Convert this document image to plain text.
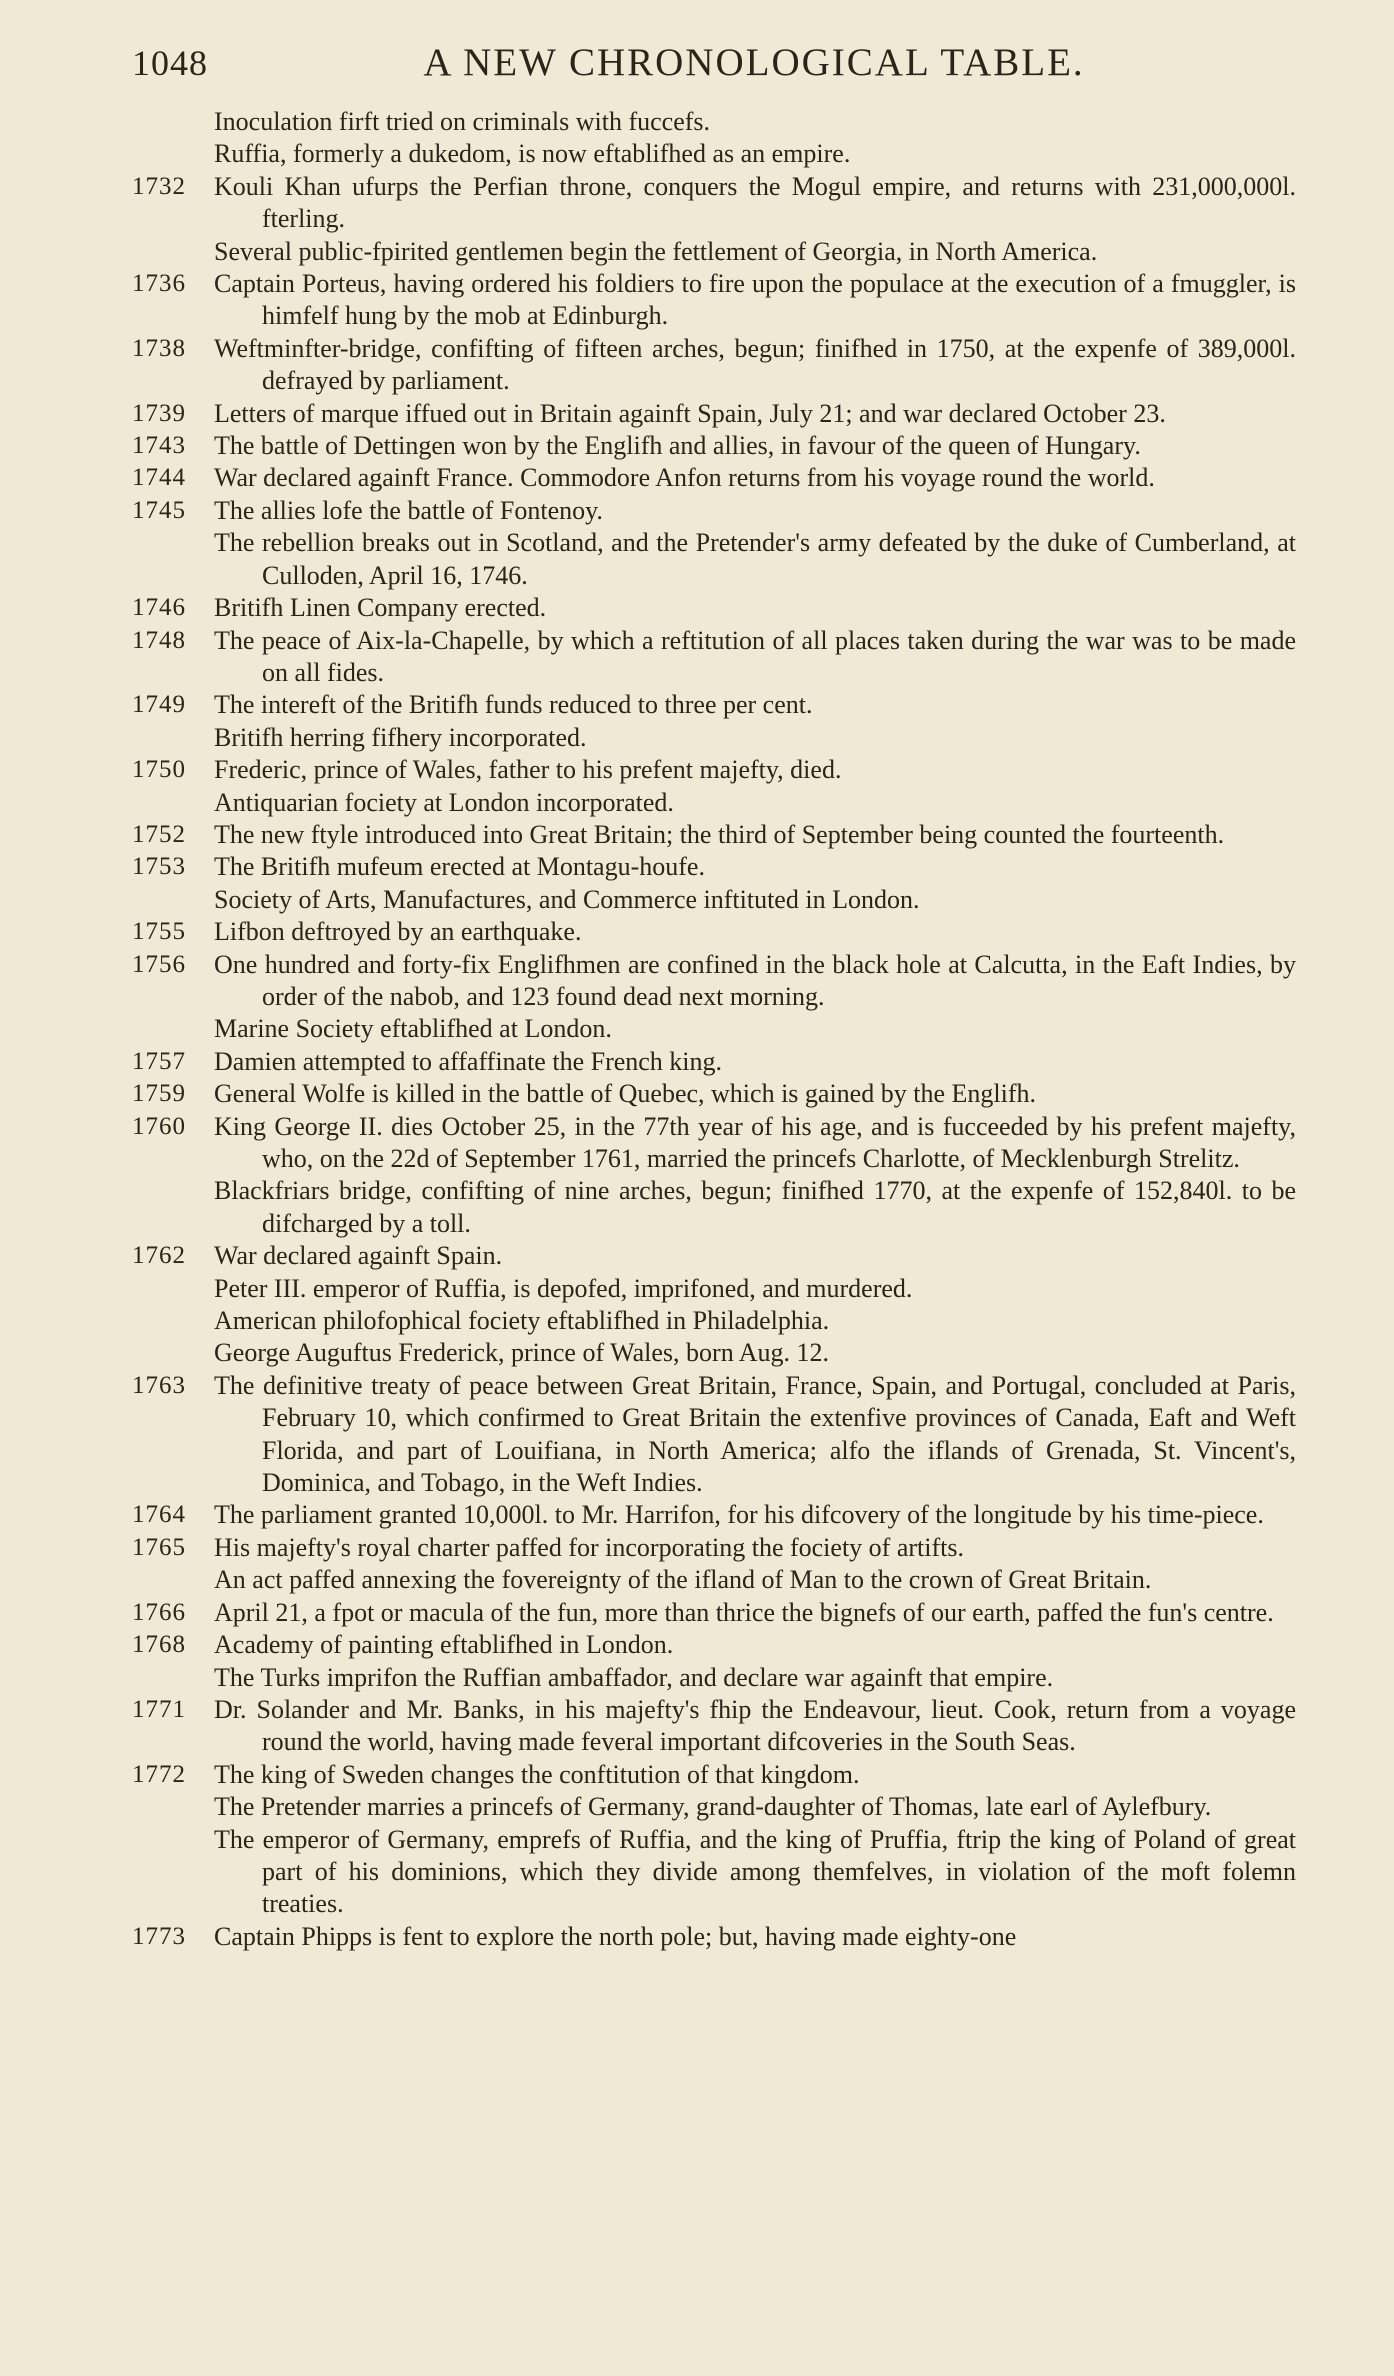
1048	A NEW CHRONOLOGICAL TABLE.
Inoculation firft tried on criminals with fuccefs.
Ruffia, formerly a dukedom, is now eftablifhed as an empire.
1732	Kouli Khan ufurps the Perfian throne, conquers the Mogul empire, and returns with 231,000,000l. fterling.
Several public-fpirited gentlemen begin the fettlement of Georgia, in North America.
1736	Captain Porteus, having ordered his foldiers to fire upon the populace at the execution of a fmuggler, is himfelf hung by the mob at Edinburgh.
1738	Weftminfter-bridge, confifting of fifteen arches, begun; finifhed in 1750, at the expenfe of 389,000l. defrayed by parliament.
1739	Letters of marque iffued out in Britain againft Spain, July 21; and war declared October 23.
1743	The battle of Dettingen won by the Englifh and allies, in favour of the queen of Hungary.
1744	War declared againft France. Commodore Anfon returns from his voyage round the world.
1745	The allies lofe the battle of Fontenoy.
The rebellion breaks out in Scotland, and the Pretender's army defeated by the duke of Cumberland, at Culloden, April 16, 1746.
1746	Britifh Linen Company erected.
1748	The peace of Aix-la-Chapelle, by which a reftitution of all places taken during the war was to be made on all fides.
1749	The intereft of the Britifh funds reduced to three per cent.
Britifh herring fifhery incorporated.
1750	Frederic, prince of Wales, father to his prefent majefty, died.
Antiquarian fociety at London incorporated.
1752	The new ftyle introduced into Great Britain; the third of September being counted the fourteenth.
1753	The Britifh mufeum erected at Montagu-houfe.
Society of Arts, Manufactures, and Commerce inftituted in London.
1755	Lifbon deftroyed by an earthquake.
1756	One hundred and forty-fix Englifhmen are confined in the black hole at Calcutta, in the Eaft Indies, by order of the nabob, and 123 found dead next morning.
Marine Society eftablifhed at London.
1757	Damien attempted to affaffinate the French king.
1759	General Wolfe is killed in the battle of Quebec, which is gained by the Englifh.
1760	King George II. dies October 25, in the 77th year of his age, and is fucceeded by his prefent majefty, who, on the 22d of September 1761, married the princefs Charlotte, of Mecklenburgh Strelitz.
Blackfriars bridge, confifting of nine arches, begun; finifhed 1770, at the expenfe of 152,840l. to be difcharged by a toll.
1762	War declared againft Spain.
Peter III. emperor of Ruffia, is depofed, imprifoned, and murdered.
American philofophical fociety eftablifhed in Philadelphia.
George Auguftus Frederick, prince of Wales, born Aug. 12.
1763	The definitive treaty of peace between Great Britain, France, Spain, and Portugal, concluded at Paris, February 10, which confirmed to Great Britain the extenfive provinces of Canada, Eaft and Weft Florida, and part of Louifiana, in North America; alfo the iflands of Grenada, St. Vincent's, Dominica, and Tobago, in the Weft Indies.
1764	The parliament granted 10,000l. to Mr. Harrifon, for his difcovery of the longitude by his time-piece.
1765	His majefty's royal charter paffed for incorporating the fociety of artifts.
An act paffed annexing the fovereignty of the ifland of Man to the crown of Great Britain.
1766	April 21, a fpot or macula of the fun, more than thrice the bignefs of our earth, paffed the fun's centre.
1768	Academy of painting eftablifhed in London.
The Turks imprifon the Ruffian ambaffador, and declare war againft that empire.
1771	Dr. Solander and Mr. Banks, in his majefty's fhip the Endeavour, lieut. Cook, return from a voyage round the world, having made feveral important difcoveries in the South Seas.
1772	The king of Sweden changes the conftitution of that kingdom.
The Pretender marries a princefs of Germany, grand-daughter of Thomas, late earl of Aylefbury.
The emperor of Germany, emprefs of Ruffia, and the king of Pruffia, ftrip the king of Poland of great part of his dominions, which they divide among themfelves, in violation of the moft folemn treaties.
1773	Captain Phipps is fent to explore the north pole; but, having made eighty-one
